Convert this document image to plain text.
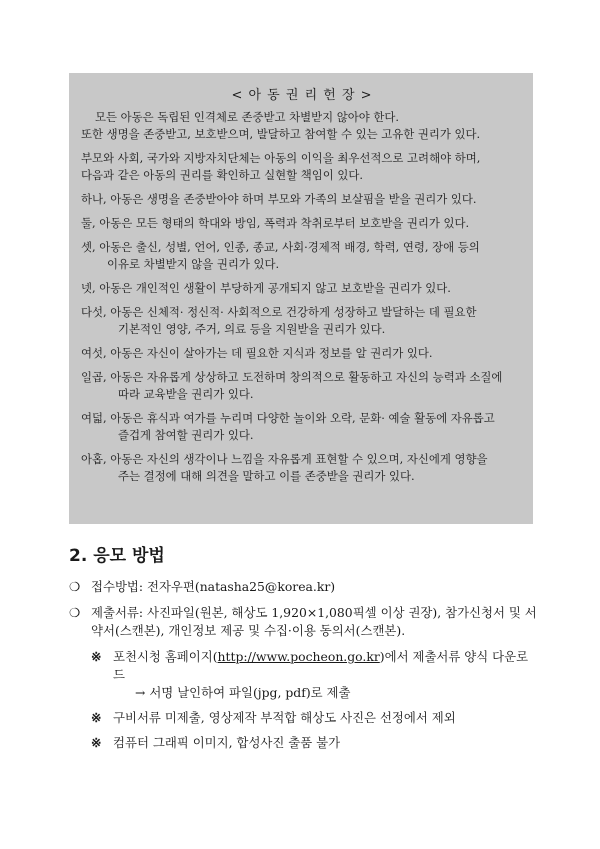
< 아 동 권 리 헌 장 >

모든 아동은 독립된 인격체로 존중받고 차별받지 않아야 한다.

또한 생명을 존중받고, 보호받으며, 발달하고 참여할 수 있는 고유한 권리가 있다.

부모와 사회, 국가와 지방자치단체는 아동의 이익을 최우선적으로 고려해야 하며,
다음과 같은 아동의 권리를 확인하고 실현할 책임이 있다.
하나, 아동은 생명을 존중받아야 하며 부모와 가족의 보살핌을 받을 권리가 있다.
둘, 아동은 모든 형태의 학대와 방임, 폭력과 착취로부터 보호받을 권리가 있다.
셋, 아동은 출신, 성별, 언어, 인종, 종교, 사회·경제적 배경, 학력, 연령, 장애 등의
이유로 차별받지 않을 권리가 있다.
넷, 아동은 개인적인 생활이 부당하게 공개되지 않고 보호받을 권리가 있다.
다섯, 아동은 신체적· 정신적· 사회적으로 건강하게 성장하고 발달하는 데 필요한
기본적인 영양, 주거, 의료 등을 지원받을 권리가 있다.
여섯, 아동은 자신이 살아가는 데 필요한 지식과 정보를 알 권리가 있다.
일곱, 아동은 자유롭게 상상하고 도전하며 창의적으로 활동하고 자신의 능력과 소질에
따라 교육받을 권리가 있다.
여덟, 아동은 휴식과 여가를 누리며 다양한 놀이와 오락, 문화· 예술 활동에 자유롭고
즐겁게 참여할 권리가 있다.
아홉, 아동은 자신의 생각이나 느낌을 자유롭게 표현할 수 있으며, 자신에게 영향을
주는 결정에 대해 의견을 말하고 이를 존중받을 권리가 있다.
2. 응모 방법
❍ 접수방법: 전자우편(natasha25@korea.kr)
❍ 제출서류: 사진파일(원본, 해상도 1,920×1,080픽셀 이상 권장), 참가신청서 및 서약서(스캔본), 개인정보 제공 및 수집·이용 동의서(스캔본).
※ 포천시청 홈페이지(http://www.pocheon.go.kr)에서 제출서류 양식 다운로드
→ 서명 날인하여 파일(jpg, pdf)로 제출
※ 구비서류 미제출, 영상제작 부적합 해상도 사진은 선정에서 제외
※ 컴퓨터 그래픽 이미지, 합성사진 출품 불가
